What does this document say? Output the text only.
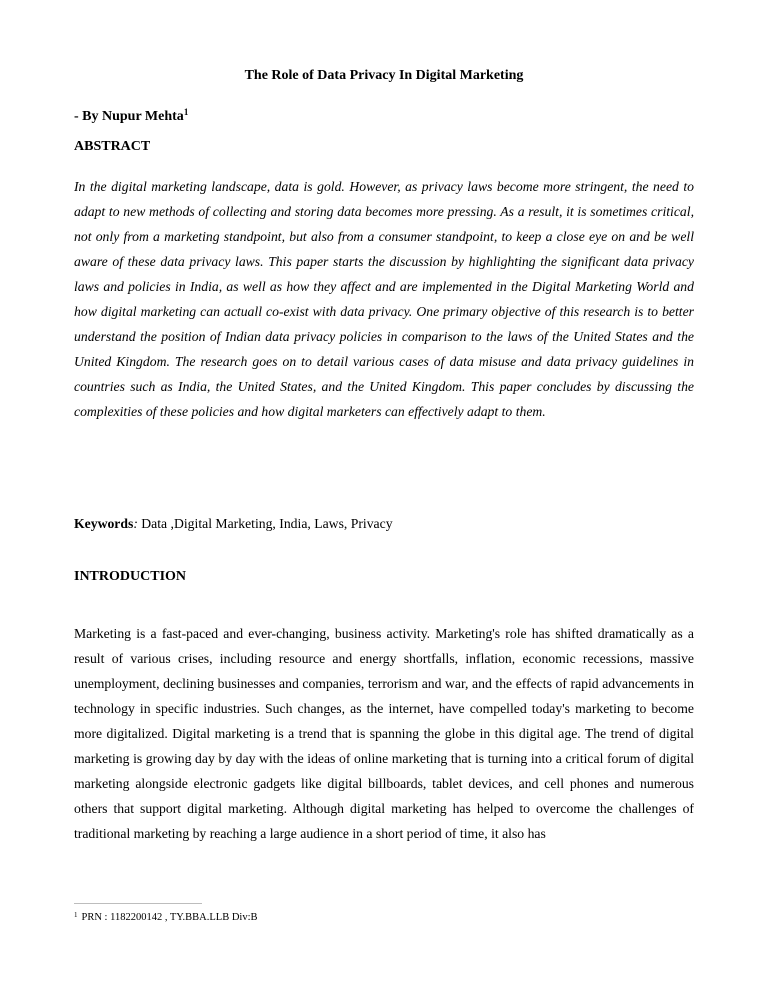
The Role of Data Privacy In Digital Marketing
- By Nupur Mehta$^1$
ABSTRACT

In the digital marketing landscape, data is gold. However, as privacy laws become more stringent, the need to adapt to new methods of collecting and storing data becomes more pressing. As a result, it is sometimes critical, not only from a marketing standpoint, but also from a consumer standpoint, to keep a close eye on and be well aware of these data privacy laws. This paper starts the discussion by highlighting the significant data privacy laws and policies in India, as well as how they affect and are implemented in the Digital Marketing World and how digital marketing can actuall co-exist with data privacy. One primary objective of this research is to better understand the position of Indian data privacy policies in comparison to the laws of the United States and the United Kingdom. The research goes on to detail various cases of data misuse and data privacy guidelines in countries such as India, the United States, and the United Kingdom. This paper concludes by discussing the complexities of these policies and how digital marketers can effectively adapt to them.

Keywords: Data ,Digital Marketing, India, Laws, Privacy
INTRODUCTION

Marketing is a fast-paced and ever-changing, business activity. Marketing's role has shifted dramatically as a result of various crises, including resource and energy shortfalls, inflation, economic recessions, massive unemployment, declining businesses and companies, terrorism and war, and the effects of rapid advancements in technology in specific industries. Such changes, as the internet, have compelled today's marketing to become more digitalized. Digital marketing is a trend that is spanning the globe in this digital age. The trend of digital marketing is growing day by day with the ideas of online marketing that is turning into a critical forum of digital marketing alongside electronic gadgets like digital billboards, tablet devices, and cell phones and numerous others that support digital marketing. Although digital marketing has helped to overcome the challenges of traditional marketing by reaching a large audience in a short period of time, it also has

$^1$ PRN : 1182200142 , TY.BBA.LLB Div:B
